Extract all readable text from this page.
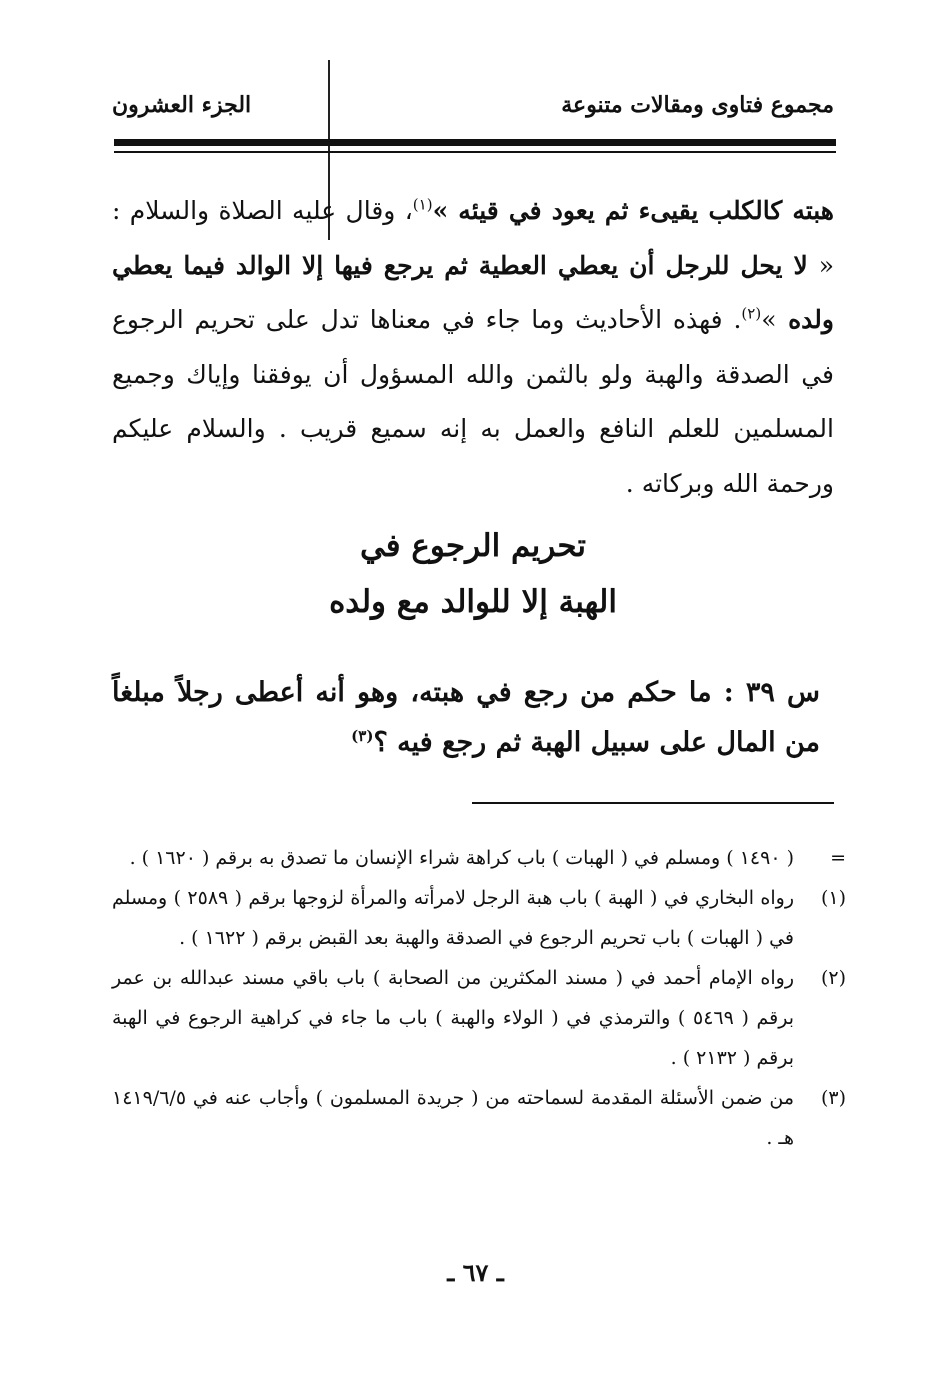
مجموع فتاوى ومقالات متنوعة
الجزء العشرون

هبته كالكلب يقيىء ثم يعود في قيئه »$^{(١)}$، وقال عليه الصلاة والسلام : « لا يحل للرجل أن يعطي العطية ثم يرجع فيها إلا الوالد فيما يعطي ولده »$^{(٢)}$. فهذه الأحاديث وما جاء في معناها تدل على تحريم الرجوع في الصدقة والهبة ولو بالثمن والله المسؤول أن يوفقنا وإياك وجميع المسلمين للعلم النافع والعمل به إنه سميع قريب . والسلام عليكم ورحمة الله وبركاته .

تحريم الرجوع في
الهبة إلا للوالد مع ولده
س ٣٩ : ما حكم من رجع في هبته، وهو أنه أعطى رجلاً مبلغاً من المال على سبيل الهبة ثم رجع فيه ؟$^{(٣)}$
=
( ١٤٩٠ ) ومسلم في ( الهبات ) باب كراهة شراء الإنسان ما تصدق به برقم ( ١٦٢٠ ) .
(١)
رواه البخاري في ( الهبة ) باب هبة الرجل لامرأته والمرأة لزوجها برقم ( ٢٥٨٩ ) ومسلم في ( الهبات ) باب تحريم الرجوع في الصدقة والهبة بعد القبض برقم ( ١٦٢٢ ) .
(٢)
رواه الإمام أحمد في ( مسند المكثرين من الصحابة ) باب باقي مسند عبدالله بن عمر برقم ( ٥٤٦٩ ) والترمذي في ( الولاء والهبة ) باب ما جاء في كراهية الرجوع في الهبة برقم ( ٢١٣٢ ) .
(٣)
من ضمن الأسئلة المقدمة لسماحته من ( جريدة المسلمون ) وأجاب عنه في ١٤١٩/٦/٥ هـ .
ـ ٦٧ ـ
